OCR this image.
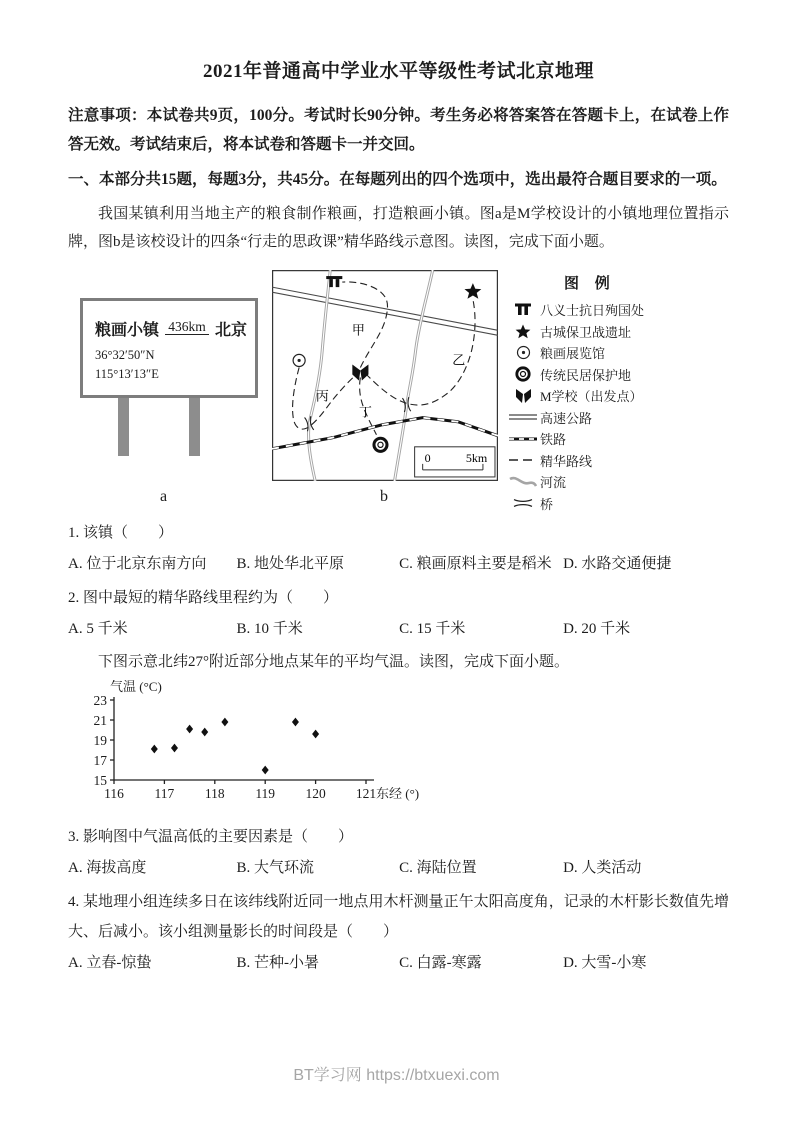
2021年普通高中学业水平等级性考试北京地理

注意事项：本试卷共9页，100分。考试时长90分钟。考生务必将答案答在答题卡上，在试卷上作答无效。考试结束后，将本试卷和答题卡一并交回。

一、本部分共15题，每题3分，共45分。在每题列出的四个选项中，选出最符合题目要求的一项。

我国某镇利用当地主产的粮食制作粮画，打造粮画小镇。图a是M学校设计的小镇地理位置指示牌，图b是该校设计的四条“行走的思政课”精华路线示意图。读图，完成下面小题。

粮画小镇 436km 北京
36°32′50″N
115°13′13″E
甲
乙
丙
丁
0	5km
图 例
八义士抗日殉国处
古城保卫战遗址
粮画展览馆
传统民居保护地
M学校（出发点）
高速公路
铁路
精华路线
河流
桥
a	b

1. 该镇（　　）

A. 位于北京东南方向	B. 地处华北平原	C. 粮画原料主要是稻米 D. 水路交通便捷

2. 图中最短的精华路线里程约为（　　）

A. 5 千米	B. 10 千米	C. 15 千米	D. 20 千米

下图示意北纬27°附近部分地点某年的平均气温。读图，完成下面小题。

15
17
19
21
23
116 117 118 119 120 121
气温 (°C)
东经 (°)

3. 影响图中气温高低的主要因素是（　　）

A. 海拔高度	B. 大气环流	C. 海陆位置	D. 人类活动

4. 某地理小组连续多日在该纬线附近同一地点用木杆测量正午太阳高度角，记录的木杆影长数值先增大、后减小。该小组测量影长的时间段是（　　）

A. 立春-惊蛰	B. 芒种-小暑	C. 白露-寒露	D. 大雪-小寒
BT学习网 https://btxuexi.com
